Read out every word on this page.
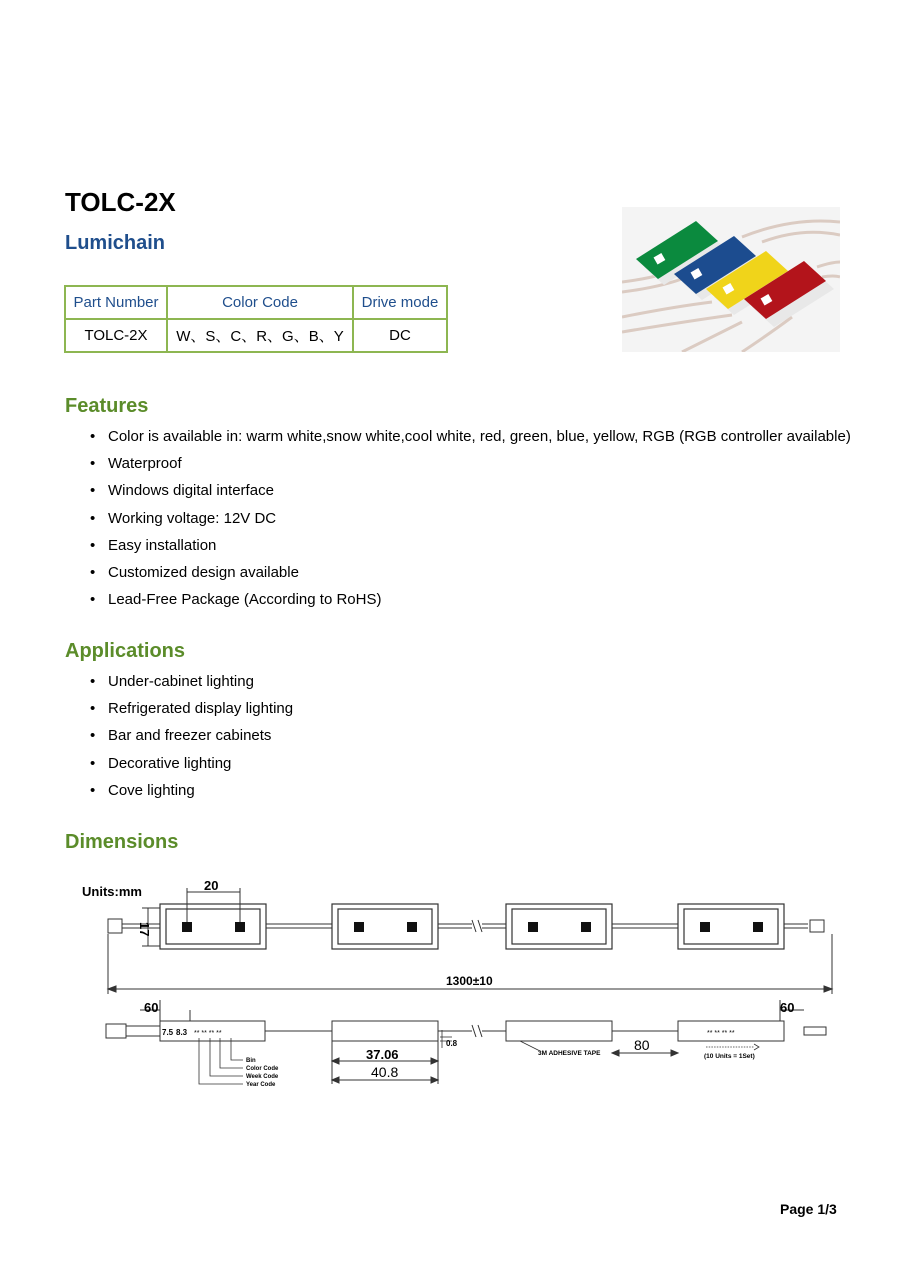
TOLC-2X
Lumichain
Part Number	Color Code	Drive mode
TOLC-2X	W、S、C、R、G、B、Y	DC
Features
• Color is available in: warm white,snow white,cool white, red, green, blue, yellow, RGB (RGB controller available)
• Waterproof
• Windows digital interface
• Working voltage: 12V DC
• Easy installation
• Customized design available
• Lead-Free Package (According to RoHS)
Applications
• Under-cabinet lighting
• Refrigerated display lighting
• Bar and freezer cabinets
• Decorative lighting
• Cove lighting
Dimensions
Units:mm	20
17
1300±10
60	60
7.5 8.3 ** ** ** **	** ** ** **
Bin
Color Code
Week Code
Year Code
0.8
37.06
40.8
3M ADHESIVE TAPE
80
(10 Units = 1Set)
Page 1/3
